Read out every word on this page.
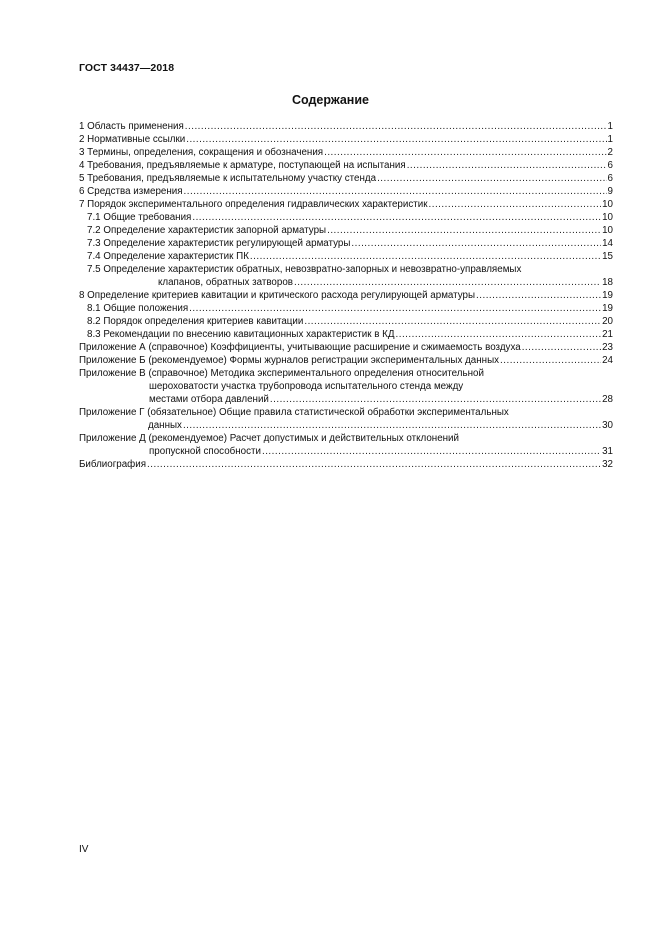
ГОСТ 34437—2018
Содержание
1 Область применения .....	1
2 Нормативные ссылки .....	1
3 Термины, определения, сокращения и обозначения .....	2
4 Требования, предъявляемые к арматуре, поступающей на испытания .....	6
5 Требования, предъявляемые к испытательному участку стенда .....	6
6 Средства измерения .....	9
7 Порядок экспериментального определения гидравлических характеристик .....	10
7.1 Общие требования .....	10
7.2 Определение характеристик запорной арматуры .....	10
7.3 Определение характеристик регулирующей арматуры .....	14
7.4 Определение характеристик ПК .....	15
7.5 Определение характеристик обратных, невозвратно-запорных и невозвратно-управляемых
клапанов, обратных затворов .....	18
8 Определение критериев кавитации и критического расхода регулирующей арматуры .....	19
8.1 Общие положения .....	19
8.2 Порядок определения критериев кавитации .....	20
8.3 Рекомендации по внесению кавитационных характеристик в КД .....	21
Приложение А (справочное) Коэффициенты, учитывающие расширение и сжимаемость воздуха .....	23
Приложение Б (рекомендуемое) Формы журналов регистрации экспериментальных данных .....	24
Приложение В (справочное) Методика экспериментального определения относительной
шероховатости участка трубопровода испытательного стенда между
местами отбора давлений .....	28
Приложение Г (обязательное) Общие правила статистической обработки экспериментальных
данных .....	30
Приложение Д (рекомендуемое) Расчет допустимых и действительных отклонений
пропускной способности .....	31
Библиография .....	32
IV
